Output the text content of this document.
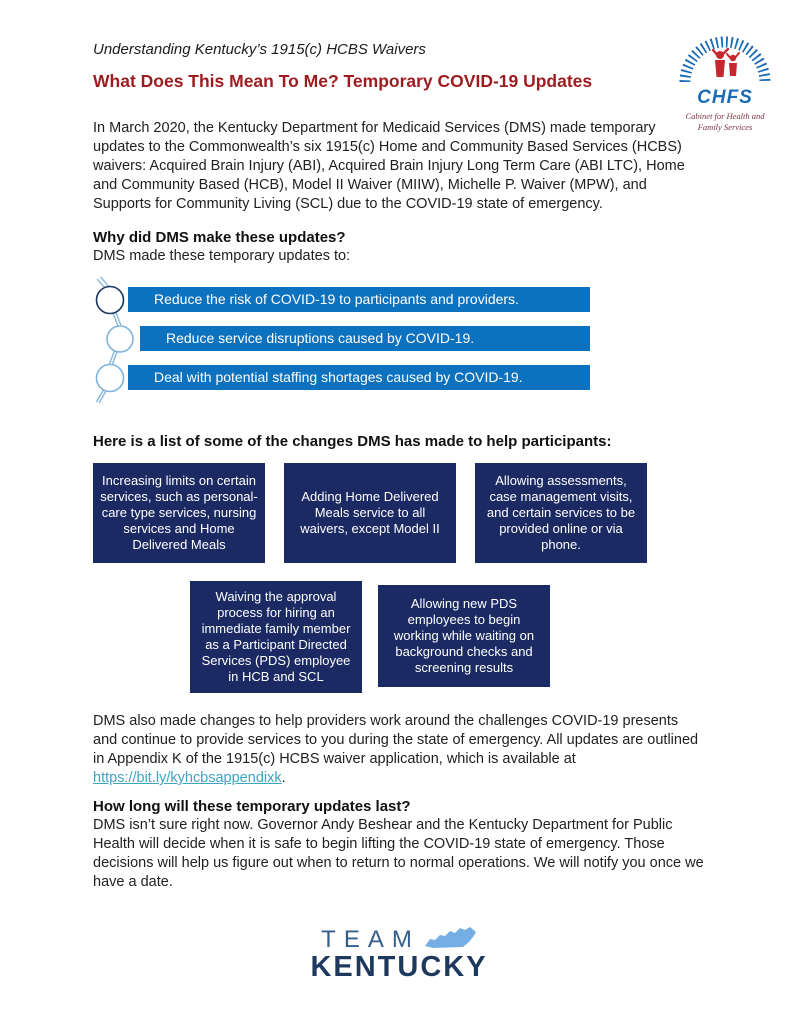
Understanding Kentucky’s 1915(c) HCBS Waivers
What Does This Mean To Me? Temporary COVID-19 Updates
CHFS
Cabinet for Health and
Family Services

In March 2020, the Kentucky Department for Medicaid Services (DMS) made temporary updates to the Commonwealth’s six 1915(c) Home and Community Based Services (HCBS) waivers: Acquired Brain Injury (ABI), Acquired Brain Injury Long Term Care (ABI LTC), Home and Community Based (HCB), Model II Waiver (MIIW), Michelle P. Waiver (MPW), and Supports for Community Living (SCL) due to the COVID-19 state of emergency.

Why did DMS make these updates?

DMS made these temporary updates to:

Reduce the risk of COVID-19 to participants and providers.
Reduce service disruptions caused by COVID-19.
Deal with potential staffing shortages caused by COVID-19.
Here is a list of some of the changes DMS has made to help participants:
Increasing limits on certain services, such as personal-care type services, nursing services and Home Delivered Meals
Adding Home Delivered Meals service to all waivers, except Model II
Allowing assessments, case management visits, and certain services to be provided online or via phone.
Waiving the approval process for hiring an immediate family member as a Participant Directed Services (PDS) employee in HCB and SCL
Allowing new PDS employees to begin working while waiting on background checks and screening results

DMS also made changes to help providers work around the challenges COVID-19 presents and continue to provide services to you during the state of emergency. All updates are outlined in Appendix K of the 1915(c) HCBS waiver application, which is available at https://bit.ly/kyhcbsappendixk.

How long will these temporary updates last?

DMS isn’t sure right now. Governor Andy Beshear and the Kentucky Department for Public Health will decide when it is safe to begin lifting the COVID-19 state of emergency. Those decisions will help us figure out when to return to normal operations. We will notify you once we have a date.

TEAM
KENTUCKY
